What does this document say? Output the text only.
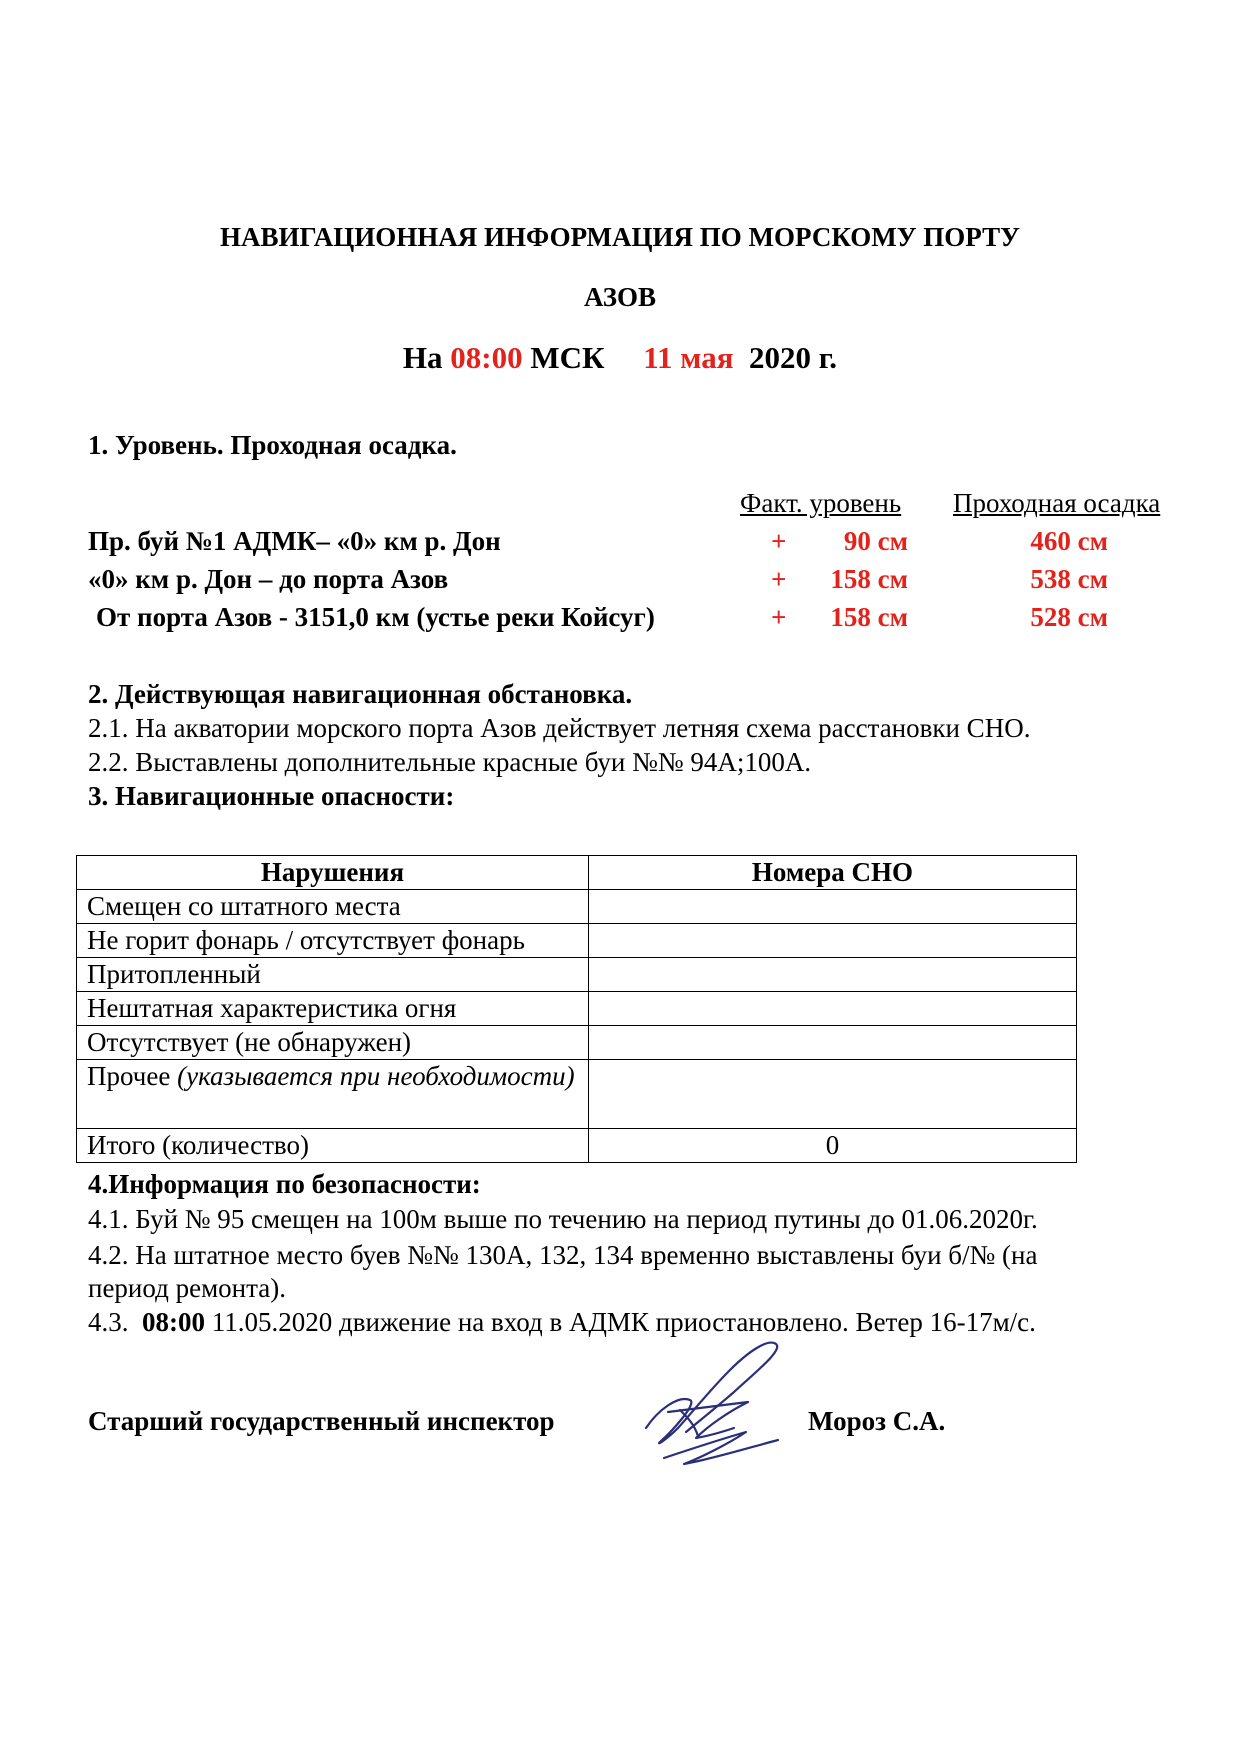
НАВИГАЦИОННАЯ ИНФОРМАЦИЯ ПО МОРСКОМУ ПОРТУ
АЗОВ
На 08:00 МСК 11 мая 2020 г.
1. Уровень. Проходная осадка.
Факт. уровень Проходная осадка
Пр. буй №1 АДМК– «0» км р. Дон	+	90 см	460 см
«0» км р. Дон – до порта Азов	+	158 см	538 см
От порта Азов - 3151,0 км (устье реки Койсуг)	+	158 см	528 см
2. Действующая навигационная обстановка.
2.1. На акватории морского порта Азов действует летняя схема расстановки СНО.
2.2. Выставлены дополнительные красные буи №№ 94А;100А.
3. Навигационные опасности:
Нарушения	Номера СНО
Смещен со штатного места	
Не горит фонарь / отсутствует фонарь	
Притопленный	
Нештатная характеристика огня	
Отсутствует (не обнаружен)	
Прочее (указывается при необходимости)	
Итого (количество)	0
4.Информация по безопасности:
4.1. Буй № 95 смещен на 100м выше по течению на период путины до 01.06.2020г.
4.2. На штатное место буев №№ 130А, 132, 134 временно выставлены буи б/№ (на
период ремонта).
4.3. 08:00 11.05.2020 движение на вход в АДМК приостановлено. Ветер 16-17м/с.
Старший государственный инспектор	Мороз С.А.
